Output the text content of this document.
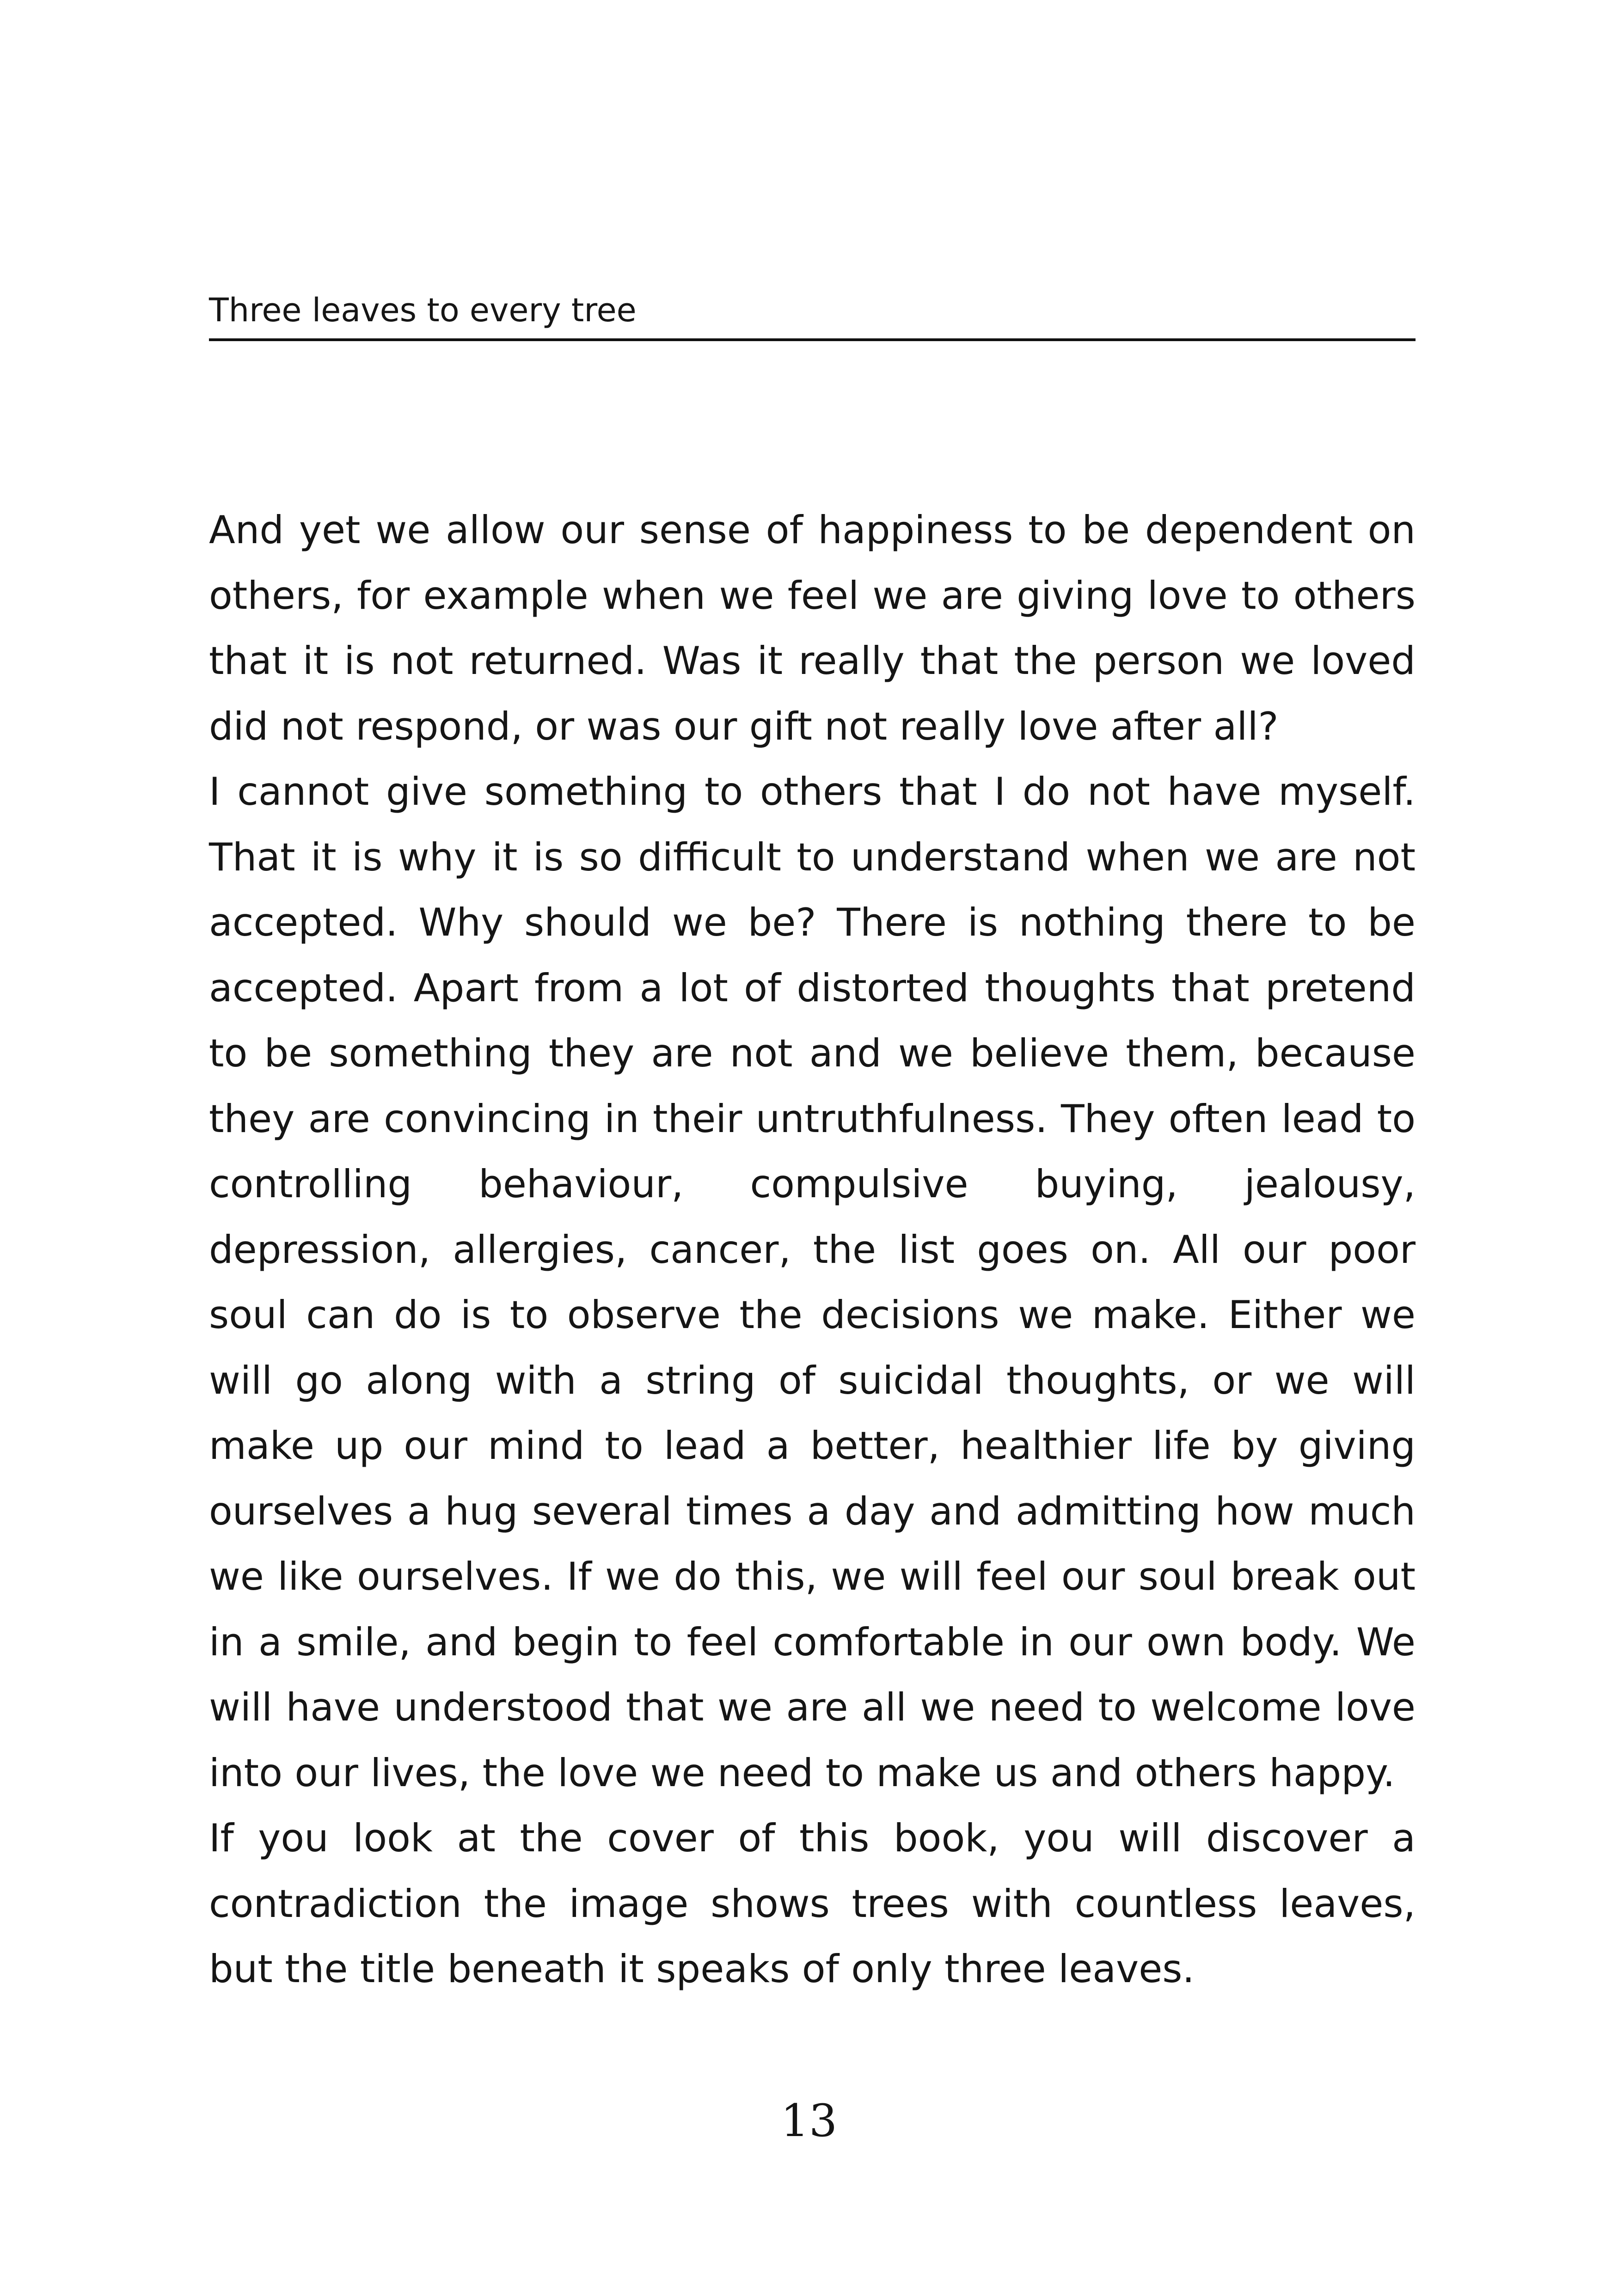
Three leaves to every tree

And yet we allow our sense of happiness to be dependent on others, for example when we feel we are giving love to others that it is not returned. Was it really that the person we loved did not respond, or was our gift not really love after all?

I cannot give something to others that I do not have myself. That it is why it is so difficult to understand when we are not accepted. Why should we be? There is nothing there to be accepted. Apart from a lot of distorted thoughts that pretend to be something they are not and we believe them, because they are convincing in their untruthfulness. They often lead to controlling behaviour, compulsive buying, jealousy, depression, allergies, cancer, the list goes on. All our poor soul can do is to observe the decisions we make. Either we will go along with a string of suicidal thoughts, or we will make up our mind to lead a better, healthier life by giving ourselves a hug several times a day and admitting how much we like ourselves. If we do this, we will feel our soul break out in a smile, and begin to feel comfortable in our own body. We will have understood that we are all we need to welcome love into our lives, the love we need to make us and others happy.

If you look at the cover of this book, you will discover a contradiction the image shows trees with countless leaves, but the title beneath it speaks of only three leaves.

13
